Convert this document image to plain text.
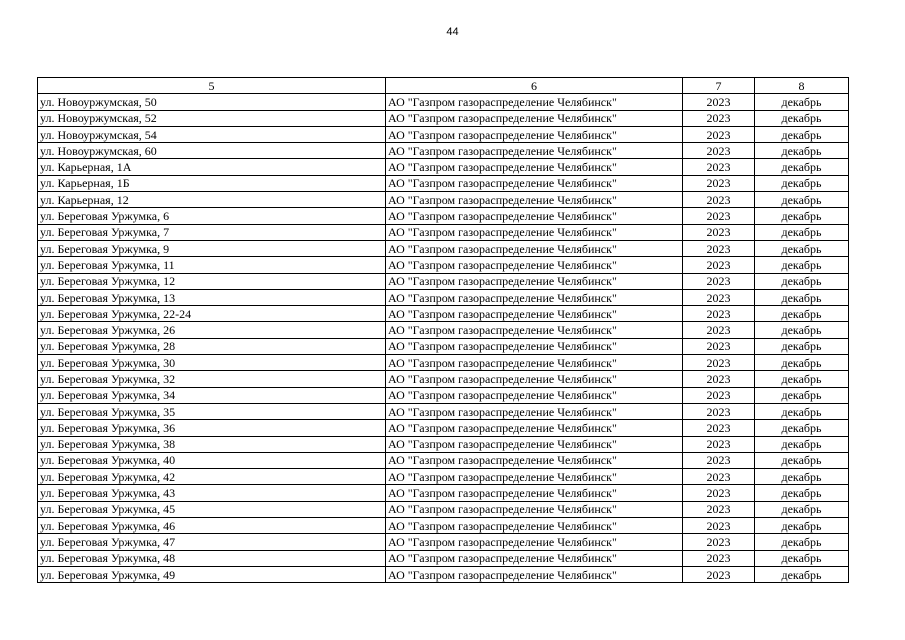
44
5	6	7	8
ул. Новоуржумская, 50	АО "Газпром газораспределение Челябинск"	2023	декабрь
ул. Новоуржумская, 52	АО "Газпром газораспределение Челябинск"	2023	декабрь
ул. Новоуржумская, 54	АО "Газпром газораспределение Челябинск"	2023	декабрь
ул. Новоуржумская, 60	АО "Газпром газораспределение Челябинск"	2023	декабрь
ул. Карьерная, 1А	АО "Газпром газораспределение Челябинск"	2023	декабрь
ул. Карьерная, 1Б	АО "Газпром газораспределение Челябинск"	2023	декабрь
ул. Карьерная, 12	АО "Газпром газораспределение Челябинск"	2023	декабрь
ул. Береговая Уржумка, 6	АО "Газпром газораспределение Челябинск"	2023	декабрь
ул. Береговая Уржумка, 7	АО "Газпром газораспределение Челябинск"	2023	декабрь
ул. Береговая Уржумка, 9	АО "Газпром газораспределение Челябинск"	2023	декабрь
ул. Береговая Уржумка, 11	АО "Газпром газораспределение Челябинск"	2023	декабрь
ул. Береговая Уржумка, 12	АО "Газпром газораспределение Челябинск"	2023	декабрь
ул. Береговая Уржумка, 13	АО "Газпром газораспределение Челябинск"	2023	декабрь
ул. Береговая Уржумка, 22-24	АО "Газпром газораспределение Челябинск"	2023	декабрь
ул. Береговая Уржумка, 26	АО "Газпром газораспределение Челябинск"	2023	декабрь
ул. Береговая Уржумка, 28	АО "Газпром газораспределение Челябинск"	2023	декабрь
ул. Береговая Уржумка, 30	АО "Газпром газораспределение Челябинск"	2023	декабрь
ул. Береговая Уржумка, 32	АО "Газпром газораспределение Челябинск"	2023	декабрь
ул. Береговая Уржумка, 34	АО "Газпром газораспределение Челябинск"	2023	декабрь
ул. Береговая Уржумка, 35	АО "Газпром газораспределение Челябинск"	2023	декабрь
ул. Береговая Уржумка, 36	АО "Газпром газораспределение Челябинск"	2023	декабрь
ул. Береговая Уржумка, 38	АО "Газпром газораспределение Челябинск"	2023	декабрь
ул. Береговая Уржумка, 40	АО "Газпром газораспределение Челябинск"	2023	декабрь
ул. Береговая Уржумка, 42	АО "Газпром газораспределение Челябинск"	2023	декабрь
ул. Береговая Уржумка, 43	АО "Газпром газораспределение Челябинск"	2023	декабрь
ул. Береговая Уржумка, 45	АО "Газпром газораспределение Челябинск"	2023	декабрь
ул. Береговая Уржумка, 46	АО "Газпром газораспределение Челябинск"	2023	декабрь
ул. Береговая Уржумка, 47	АО "Газпром газораспределение Челябинск"	2023	декабрь
ул. Береговая Уржумка, 48	АО "Газпром газораспределение Челябинск"	2023	декабрь
ул. Береговая Уржумка, 49	АО "Газпром газораспределение Челябинск"	2023	декабрь
